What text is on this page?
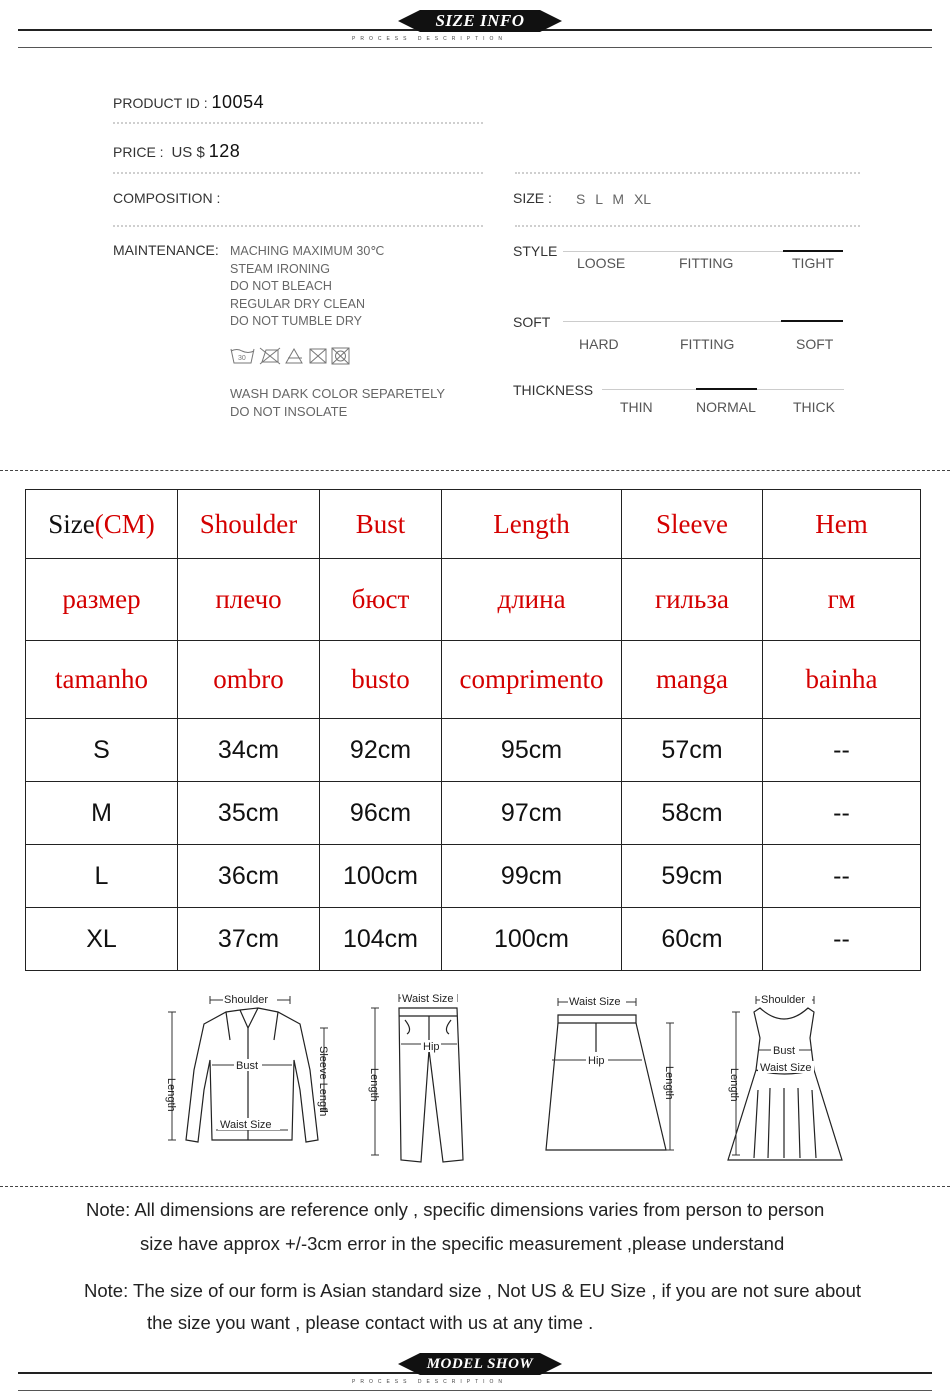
SIZE INFO
PROCESS DESCRIPTION
PRODUCT ID : 10054
PRICE : US $ 128
COMPOSITION :
MAINTENANCE: MACHING MAXIMUM 30℃
STEAM IRONING
DO NOT BLEACH
REGULAR DRY CLEAN
DO NOT TUMBLE DRY
30
WASH DARK COLOR SEPARETELY
DO NOT INSOLATE
SIZE : S L M XL
STYLE
LOOSE	FITTING	TIGHT
SOFT
HARD	FITTING	SOFT
THICKNESS
THIN	NORMAL	THICK
Size(CM)	Shoulder	Bust	Length	Sleeve	Hem
размер	плечо	бюст	длина	гильза	гм
tamanho	ombro	busto	comprimento	manga	bainha
S	34cm	92cm	95cm	57cm	--
M	35cm	96cm	97cm	58cm	--
L	36cm	100cm	99cm	59cm	--
XL	37cm	104cm	100cm	60cm	--
Shoulder
Bust
Waist Size
Length	Sleeve Length
Waist Size
Hip
Length
Waist Size
Hip
Length
Shoulder
Bust
Waist Size
Length
Note: All dimensions are reference only , specific dimensions varies from person to person
size have approx +/-3cm error in the specific measurement ,please understand
Note: The size of our form is Asian standard size , Not US & EU Size , if you are not sure about
the size you want , please contact with us at any time .
MODEL SHOW
PROCESS DESCRIPTION
